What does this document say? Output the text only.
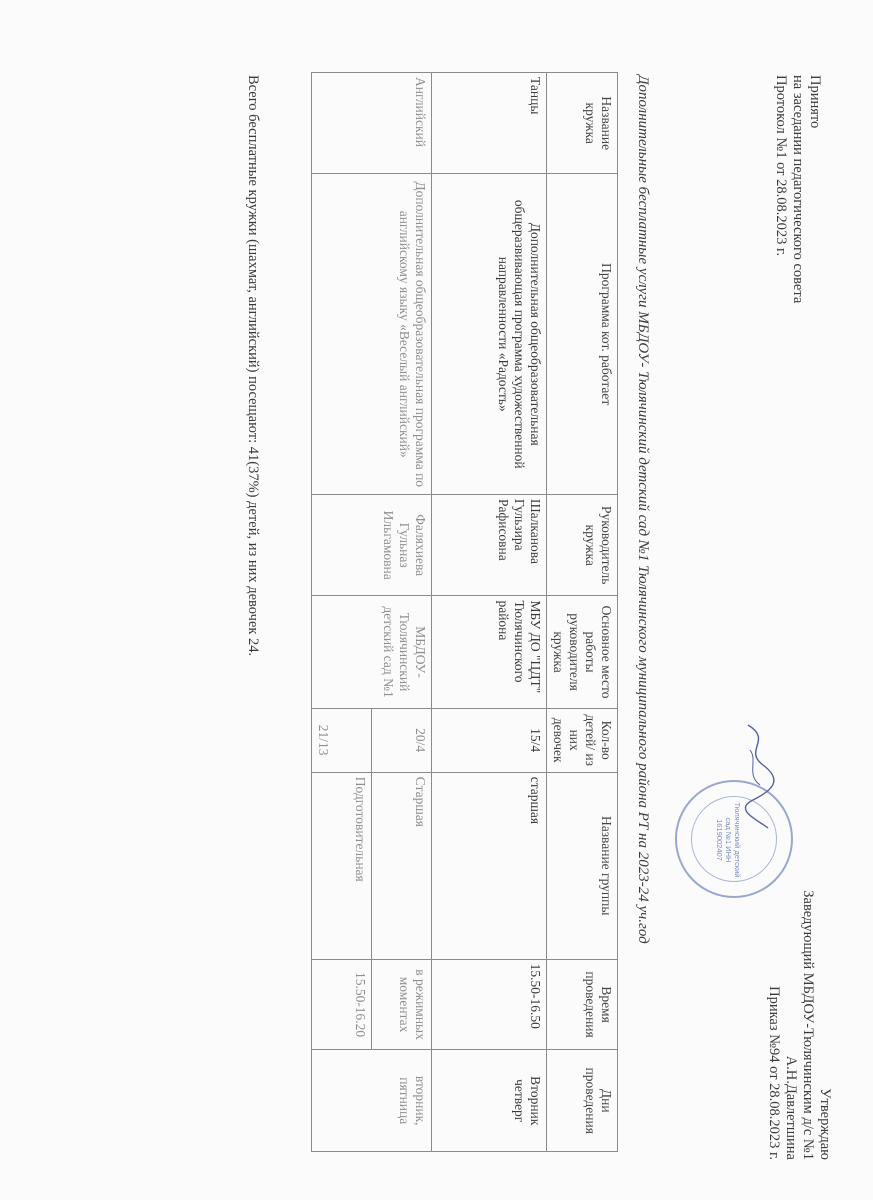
Принято
на заседании педагогического совета
Протокол №1 от 28.08.2023 г.
Утверждаю
Заведующий МБДОУ-Тюлячинским д/с №1
А.Н.Давлетшина
Приказ №94 от 28.08.2023 г.
Тюлячинский детский сад №1 ИНН 1619002407
Дополнительные бесплатные услуги МБДОУ- Тюлячинский детский сад №1 Тюлячинского муниципального района РТ на 2023-24 уч.год
Название кружка	Программа кот. работает	Руководитель кружка	Основное место работы руководителя кружка	Кол-во детей/ из них девочек	Название группы	Время проведения	Дни проведения
Танцы	Дополнительная общеобразовательная общеразвивающая программа художественной направленности «Радость»	Шалканова Гульзира Рафисовна	МБУ ДО "ЦДТ" Тюлячинского района	15/4	старшая	15.50-16.50	Вторник четверг
Английский	Дополнительная общеобразовательная программа по английскому языку «Веселый английский»	Фаляхиева Гульназ Ильгамовна	МБДОУ- Тюлячинский детский сад №1	20/4	Старшая	в режимных моментах	вторник, пятница
				21/13	Подготовительная	15.50-16.20	
Всего бесплатные кружки (шахмат, английский) посещают: 41(37%) детей, из них девочек 24.
